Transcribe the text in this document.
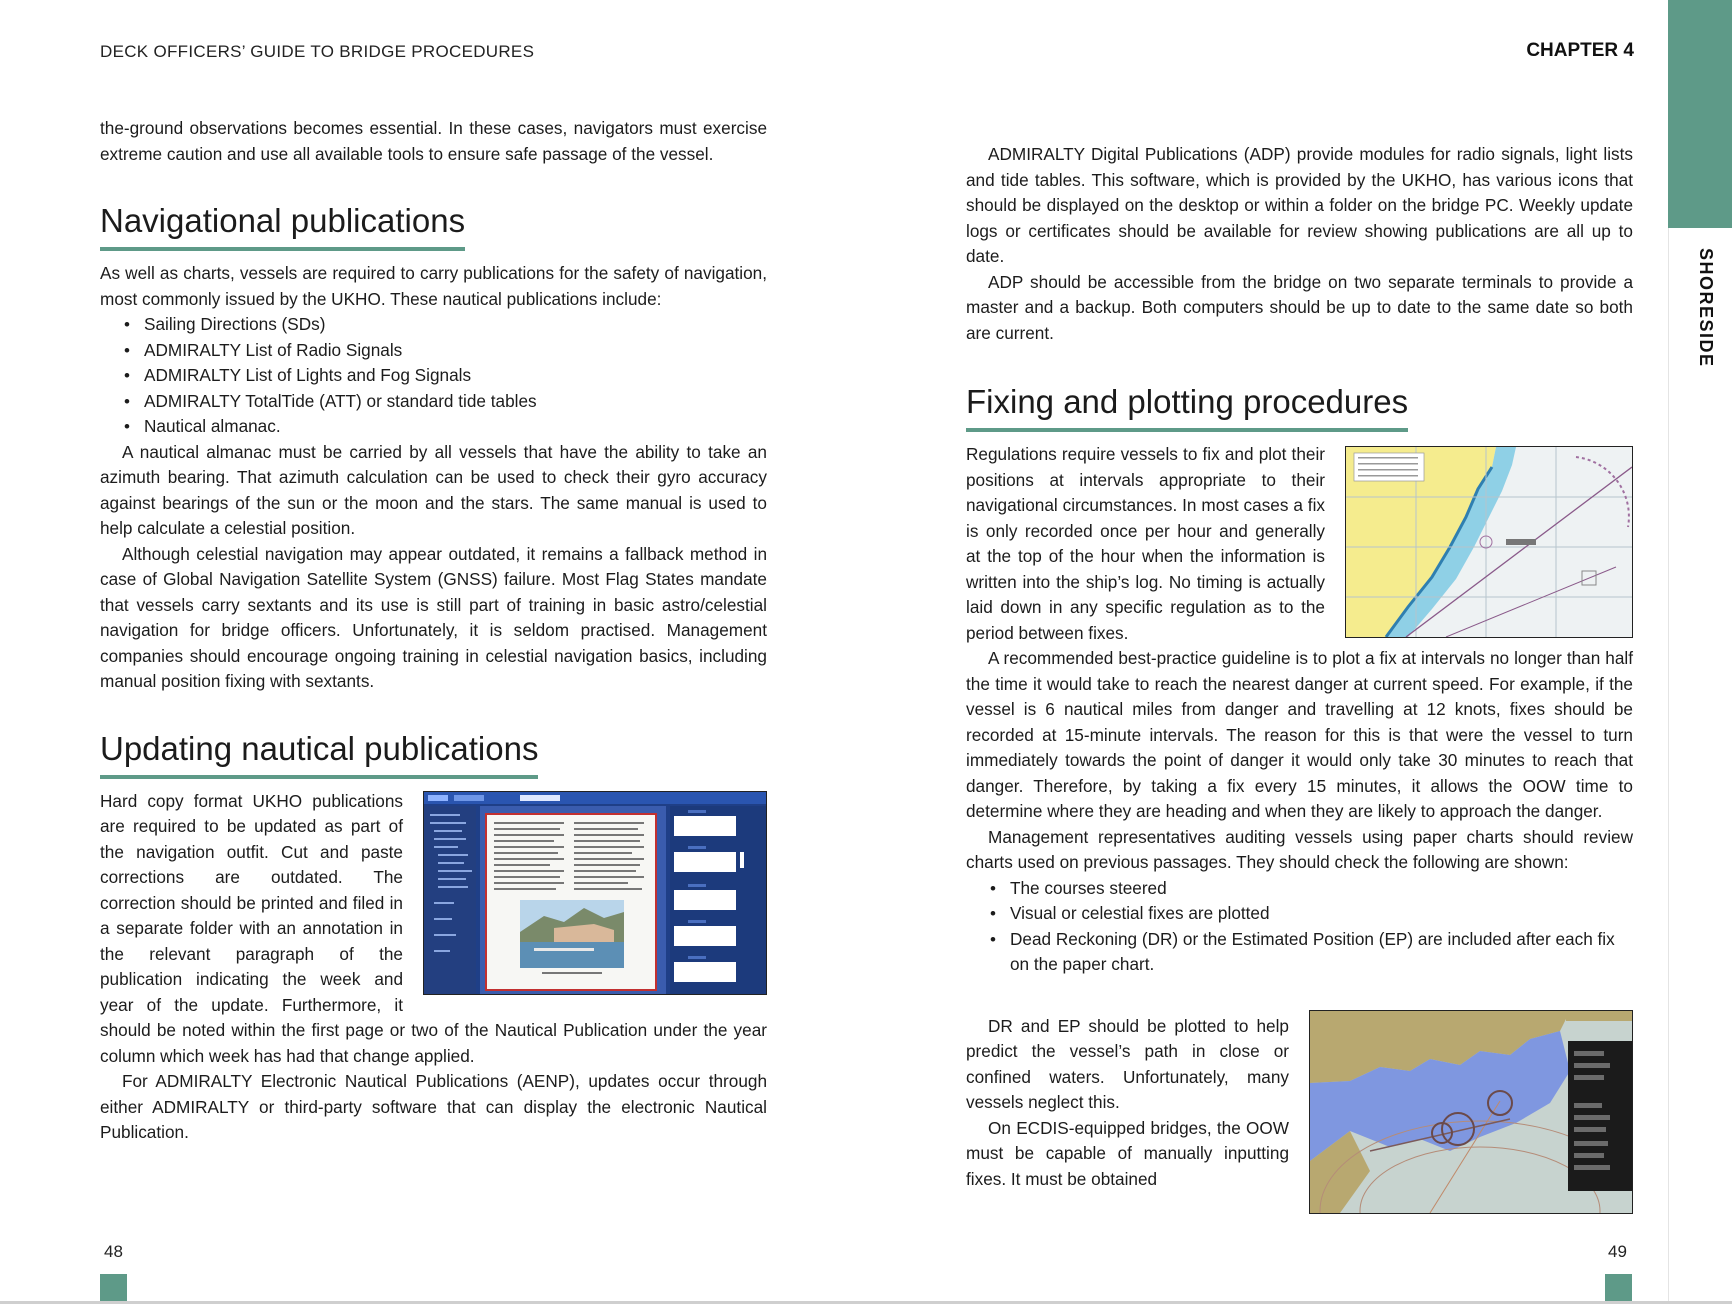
DECK OFFICERS’ GUIDE TO BRIDGE PROCEDURES

the-ground observations becomes essential. In these cases, navigators must exercise extreme caution and use all available tools to ensure safe passage of the vessel.

Navigational publications

As well as charts, vessels are required to carry publications for the safety of navigation, most commonly issued by the UKHO. These nautical publications include:

• Sailing Directions (SDs)
• ADMIRALTY List of Radio Signals
• ADMIRALTY List of Lights and Fog Signals
• ADMIRALTY TotalTide (ATT) or standard tide tables
• Nautical almanac.

A nautical almanac must be carried by all vessels that have the ability to take an azimuth bearing. That azimuth calculation can be used to check their gyro accuracy against bearings of the sun or the moon and the stars. The same manual is used to help calculate a celestial position.

Although celestial navigation may appear outdated, it remains a fallback method in case of Global Navigation Satellite System (GNSS) failure. Most Flag States mandate that vessels carry sextants and its use is still part of training in basic astro/celestial navigation for bridge officers. Unfortunately, it is seldom practised. Management companies should encourage ongoing training in celestial navigation basics, including manual position fixing with sextants.

Updating nautical publications

Hard copy format UKHO publications are required to be updated as part of the navigation outfit. Cut and paste corrections are outdated. The correction should be printed and filed in a separate folder with an annotation in the relevant paragraph of the publication indicating the week and year of the update. Furthermore, it should be noted within the first page or two of the Nautical Publication under the year column which week has had that change applied.

For ADMIRALTY Electronic Nautical Publications (AENP), updates occur through either ADMIRALTY or third-party software that can display the electronic Nautical Publication.

48
CHAPTER 4

ADMIRALTY Digital Publications (ADP) provide modules for radio signals, light lists and tide tables. This software, which is provided by the UKHO, has various icons that should be displayed on the desktop or within a folder on the bridge PC. Weekly update logs or certificates should be available for review showing publications are all up to date.

ADP should be accessible from the bridge on two separate terminals to provide a master and a backup. Both computers should be up to date to the same date so both are current.

Fixing and plotting procedures

Regulations require vessels to fix and plot their positions at intervals appropriate to their navigational circumstances. In most cases a fix is only recorded once per hour and generally at the top of the hour when the information is written into the ship’s log. No timing is actually laid down in any specific regulation as to the period between fixes.

A recommended best-practice guideline is to plot a fix at intervals no longer than half the time it would take to reach the nearest danger at current speed. For example, if the vessel is 6 nautical miles from danger and travelling at 12 knots, fixes should be recorded at 15-minute intervals. The reason for this is that were the vessel to turn immediately towards the point of danger it would only take 30 minutes to reach that danger. Therefore, by taking a fix every 15 minutes, it allows the OOW time to determine where they are heading and when they are likely to approach the danger.

Management representatives auditing vessels using paper charts should review charts used on previous passages. They should check the following are shown:

• The courses steered
• Visual or celestial fixes are plotted
• Dead Reckoning (DR) or the Estimated Position (EP) are included after each fix on the paper chart.

DR and EP should be plotted to help predict the vessel’s path in close or confined waters. Unfortunately, many vessels neglect this.

On ECDIS-equipped bridges, the OOW must be capable of manually inputting fixes. It must be obtained

49
SHORESIDE
